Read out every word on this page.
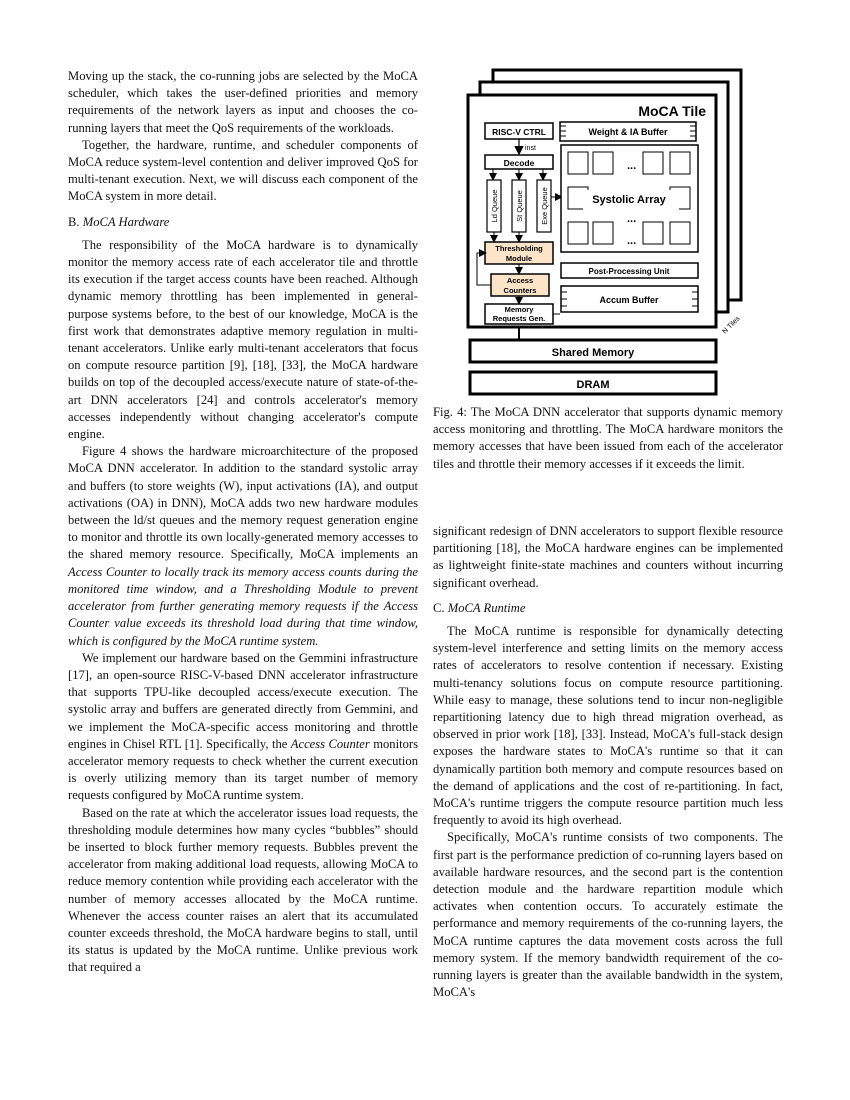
Moving up the stack, the co-running jobs are selected by the MoCA scheduler, which takes the user-defined priorities and memory requirements of the network layers as input and chooses the co-running layers that meet the QoS requirements of the workloads.

Together, the hardware, runtime, and scheduler components of MoCA reduce system-level contention and deliver improved QoS for multi-tenant execution. Next, we will discuss each component of the MoCA system in more detail.

B. MoCA Hardware

The responsibility of the MoCA hardware is to dynamically monitor the memory access rate of each accelerator tile and throttle its execution if the target access counts have been reached. Although dynamic memory throttling has been implemented in general-purpose systems before, to the best of our knowledge, MoCA is the first work that demonstrates adaptive memory regulation in multi-tenant accelerators. Unlike early multi-tenant accelerators that focus on compute resource partition [9], [18], [33], the MoCA hardware builds on top of the decoupled access/execute nature of state-of-the-art DNN accelerators [24] and controls accelerator's memory accesses independently without changing accelerator's compute engine.

Figure 4 shows the hardware microarchitecture of the proposed MoCA DNN accelerator. In addition to the standard systolic array and buffers (to store weights (W), input activations (IA), and output activations (OA) in DNN), MoCA adds two new hardware modules between the ld/st queues and the memory request generation engine to monitor and throttle its own locally-generated memory accesses to the shared memory resource. Specifically, MoCA implements an Access Counter to locally track its memory access counts during the monitored time window, and a Thresholding Module to prevent accelerator from further generating memory requests if the Access Counter value exceeds its threshold load during that time window, which is configured by the MoCA runtime system.

We implement our hardware based on the Gemmini infrastructure [17], an open-source RISC-V-based DNN accelerator infrastructure that supports TPU-like decoupled access/execute execution. The systolic array and buffers are generated directly from Gemmini, and we implement the MoCA-specific access monitoring and throttle engines in Chisel RTL [1]. Specifically, the Access Counter monitors accelerator memory requests to check whether the current execution is overly utilizing memory than its target number of memory requests configured by MoCA runtime system.

Based on the rate at which the accelerator issues load requests, the thresholding module determines how many cycles “bubbles” should be inserted to block further memory requests. Bubbles prevent the accelerator from making additional load requests, allowing MoCA to reduce memory contention while providing each accelerator with the number of memory accesses allocated by the MoCA runtime. Whenever the access counter raises an alert that its accumulated counter exceeds threshold, the MoCA hardware begins to stall, until its status is updated by the MoCA runtime. Unlike previous work that required a

MoCA Tile
RISC-V CTRL	Weight & IA Buffer
inst
Decode
Ld Queue St Queue Exe Queue	Systolic Array
...
...
...
Thresholding
Module
Access
Counters
Memory
Requests Gen.
Post-Processing Unit
Accum Buffer
N Tiles
Shared Memory
DRAM
Fig. 4: The MoCA DNN accelerator that supports dynamic memory access monitoring and throttling. The MoCA hardware monitors the memory accesses that have been issued from each of the accelerator tiles and throttle their memory accesses if it exceeds the limit.

significant redesign of DNN accelerators to support flexible resource partitioning [18], the MoCA hardware engines can be implemented as lightweight finite-state machines and counters without incurring significant overhead.

C. MoCA Runtime

The MoCA runtime is responsible for dynamically detecting system-level interference and setting limits on the memory access rates of accelerators to resolve contention if necessary. Existing multi-tenancy solutions focus on compute resource partitioning. While easy to manage, these solutions tend to incur non-negligible repartitioning latency due to high thread migration overhead, as observed in prior work [18], [33]. Instead, MoCA's full-stack design exposes the hardware states to MoCA's runtime so that it can dynamically partition both memory and compute resources based on the demand of applications and the cost of re-partitioning. In fact, MoCA's runtime triggers the compute resource partition much less frequently to avoid its high overhead.

Specifically, MoCA's runtime consists of two components. The first part is the performance prediction of co-running layers based on available hardware resources, and the second part is the contention detection module and the hardware repartition module which activates when contention occurs. To accurately estimate the performance and memory requirements of the co-running layers, the MoCA runtime captures the data movement costs across the full memory system. If the memory bandwidth requirement of the co-running layers is greater than the available bandwidth in the system, MoCA's
